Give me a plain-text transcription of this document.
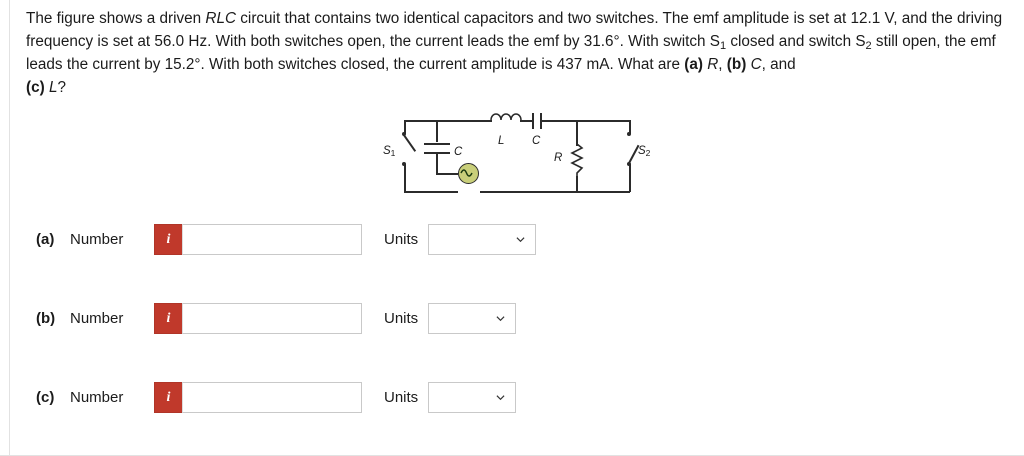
The figure shows a driven RLC circuit that contains two identical capacitors and two switches. The emf amplitude is set at 12.1 V, and the driving frequency is set at 56.0 Hz. With both switches open, the current leads the emf by 31.6°. With switch $S_1$ closed and switch $S_2$ still open, the emf leads the current by 15.2°. With both switches closed, the current amplitude is 437 mA. What are (a) R, (b) C, and
(c) L?
C
C
L
R
S1	S2
(a)	Number	i	Units
(b) Number	i	Units
(c)	Number	i	Units
